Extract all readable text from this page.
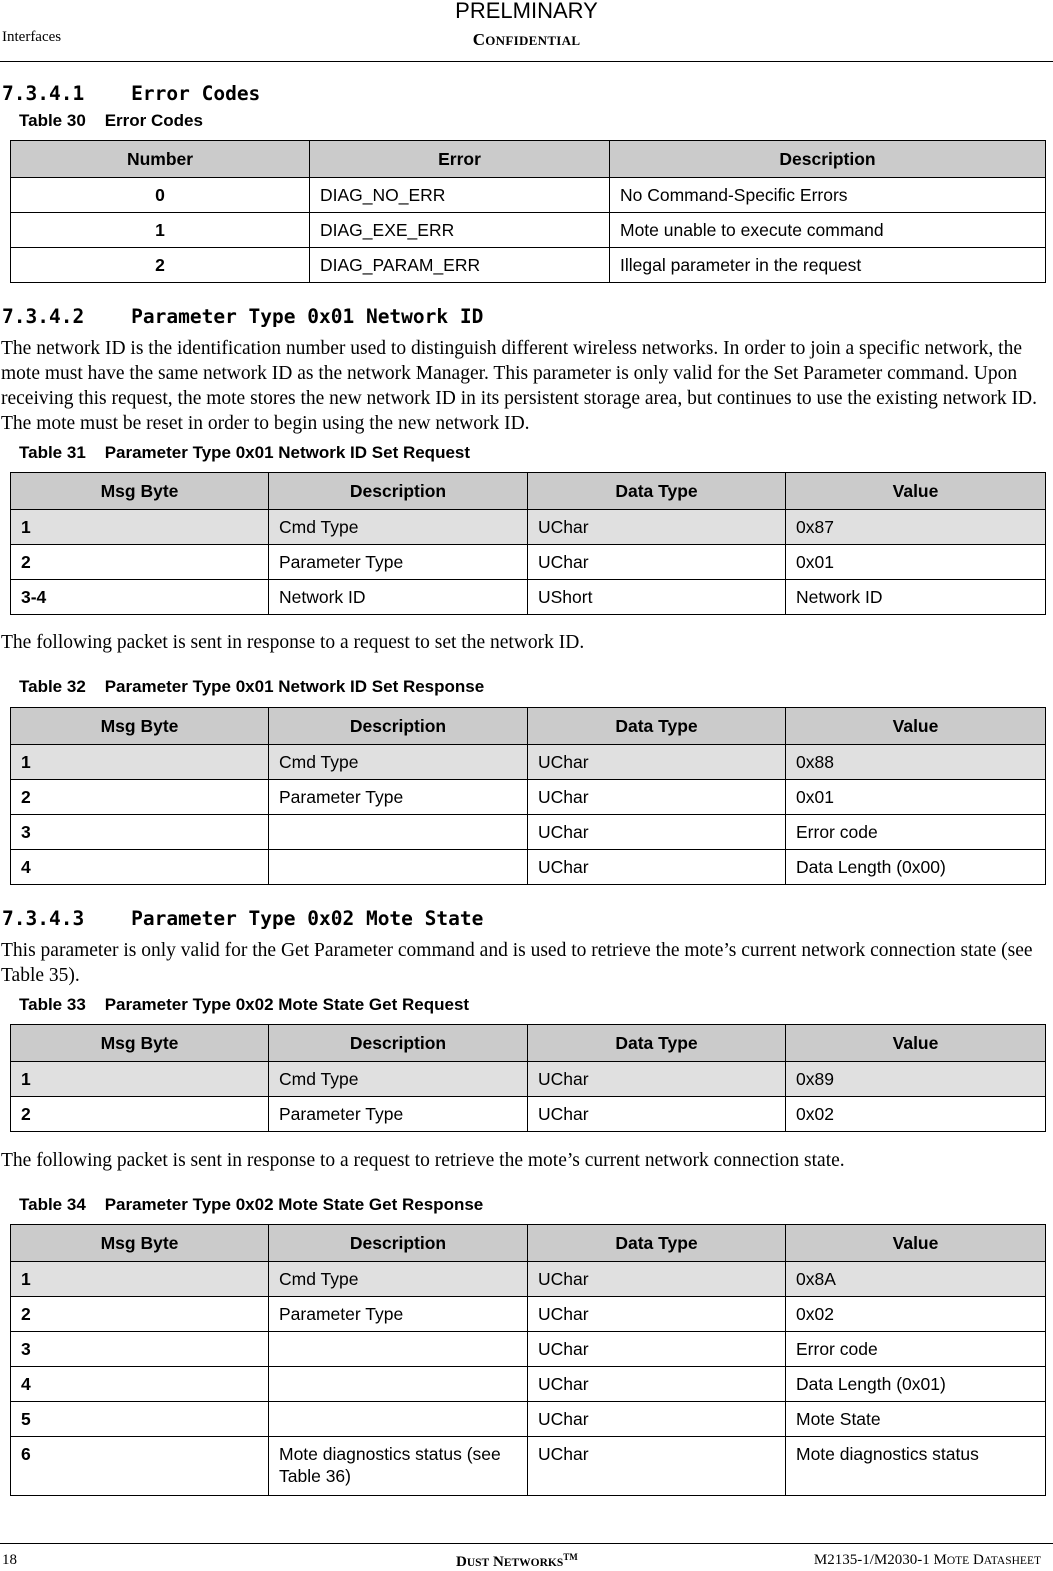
Interfaces
PRELMINARY
CONFIDENTIAL
7.3.4.1 Error Codes
Table 30 Error Codes
Number	Error	Description
0	DIAG_NO_ERR	No Command-Specific Errors
1	DIAG_EXE_ERR	Mote unable to execute command
2	DIAG_PARAM_ERR	Illegal parameter in the request
7.3.4.2 Parameter Type 0x01 Network ID
The network ID is the identification number used to distinguish different wireless networks. In order to join a specific network, the mote must have the same network ID as the network Manager. This parameter is only valid for the Set Parameter command. Upon receiving this request, the mote stores the new network ID in its persistent storage area, but continues to use the existing network ID. The mote must be reset in order to begin using the new network ID.
Table 31 Parameter Type 0x01 Network ID Set Request
Msg Byte	Description	Data Type	Value
1	Cmd Type	UChar	0x87
2	Parameter Type	UChar	0x01
3-4	Network ID	UShort	Network ID
The following packet is sent in response to a request to set the network ID.
Table 32 Parameter Type 0x01 Network ID Set Response
Msg Byte	Description	Data Type	Value
1	Cmd Type	UChar	0x88
2	Parameter Type	UChar	0x01
3		UChar	Error code
4		UChar	Data Length (0x00)
7.3.4.3 Parameter Type 0x02 Mote State
This parameter is only valid for the Get Parameter command and is used to retrieve the mote’s current network connection state (see Table 35).
Table 33 Parameter Type 0x02 Mote State Get Request
Msg Byte	Description	Data Type	Value
1	Cmd Type	UChar	0x89
2	Parameter Type	UChar	0x02
The following packet is sent in response to a request to retrieve the mote’s current network connection state.
Table 34 Parameter Type 0x02 Mote State Get Response
Msg Byte	Description	Data Type	Value
1	Cmd Type	UChar	0x8A
2	Parameter Type	UChar	0x02
3		UChar	Error code
4		UChar	Data Length (0x01)
5		UChar	Mote State
6	Mote diagnostics status (see Table 36)	UChar	Mote diagnostics status
18	DUST NETWORKS™	M2135-1/M2030-1 MOTE DATASHEET
